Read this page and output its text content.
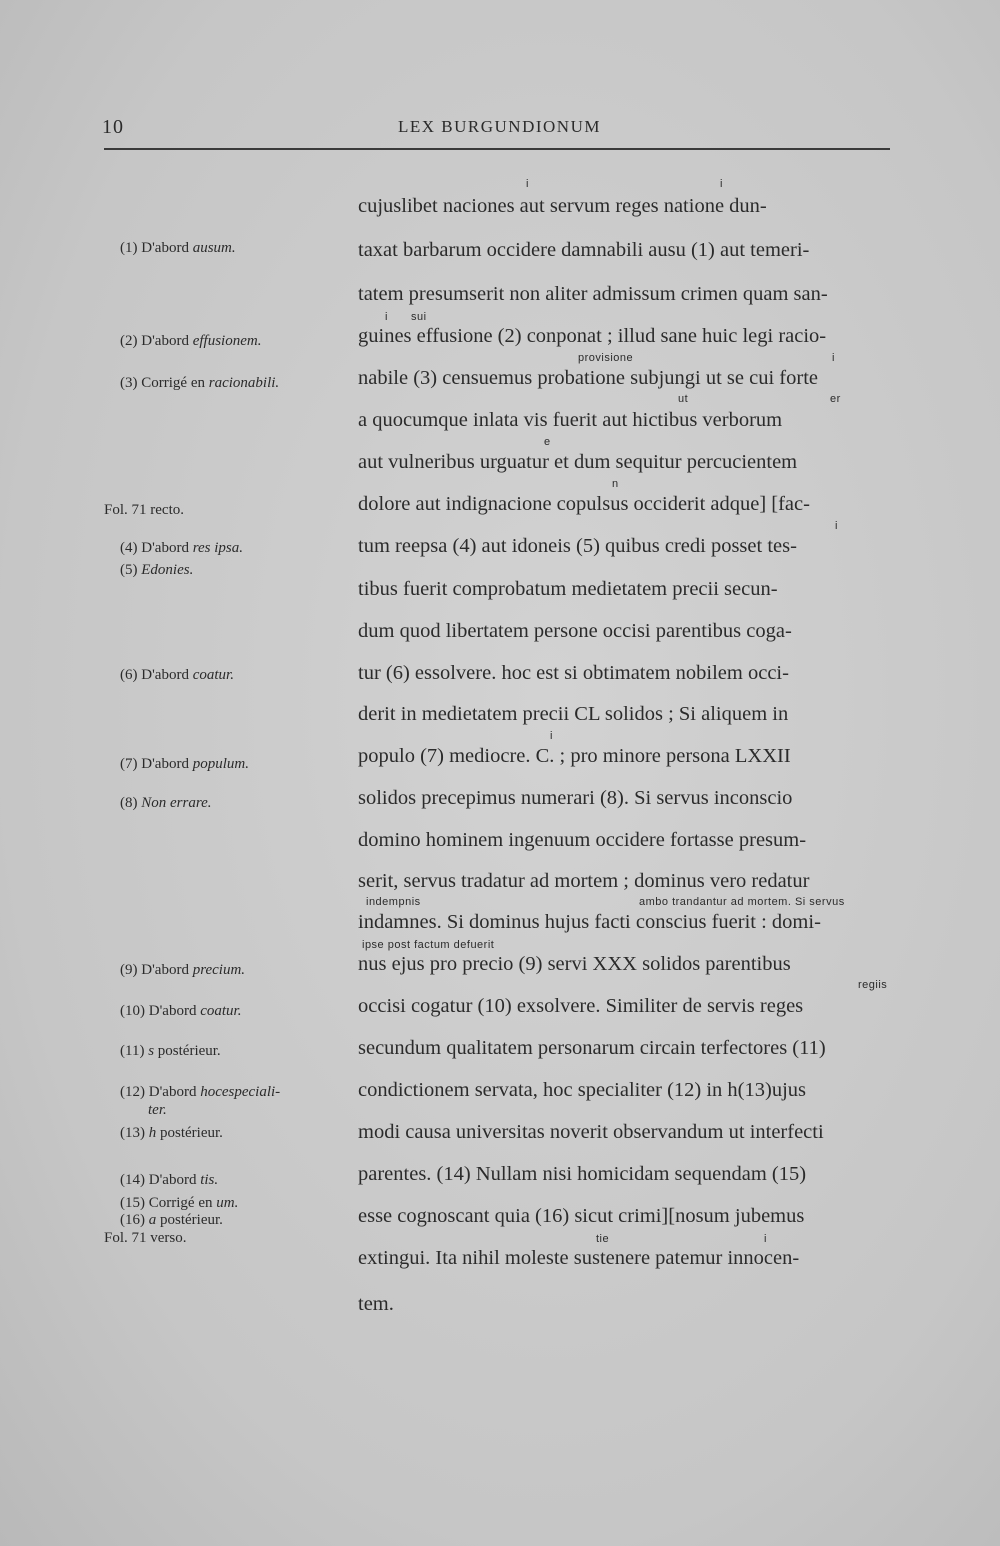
10	LEX BURGUNDIONUM
(1) D'abord ausum.
(2) D'abord effusionem.
(3) Corrigé en racionabili.
Fol. 71 recto.
(4) D'abord res ipsa.
(5) Edonies.
(6) D'abord coatur.
(7) D'abord populum.
(8) Non errare.
(9) D'abord precium.
(10) D'abord coatur.
(11) s postérieur.
(12) D'abord hocespeciali-
ter.
(13) h postérieur.
(14) D'abord tis.
(15) Corrigé en um.
(16) a postérieur.
Fol. 71 verso.
cujuslibet naciones aut servum reges natione dun-
taxat barbarum occidere damnabili ausu (1) aut temeri-
tatem presumserit non aliter admissum crimen quam san-
guines effusione (2) conponat ; illud sane huic legi racio-
nabile (3) censuemus probatione subjungi ut se cui forte
a quocumque inlata vis fuerit aut hictibus verborum
aut vulneribus urguatur et dum sequitur percucientem
dolore aut indignacione copulsus occiderit adque] [fac-
tum reepsa (4) aut idoneis (5) quibus credi posset tes-
tibus fuerit comprobatum medietatem precii secun-
dum quod libertatem persone occisi parentibus coga-
tur (6) essolvere. hoc est si obtimatem nobilem occi-
derit in medietatem precii CL solidos ; Si aliquem in
populo (7) mediocre. C. ; pro minore persona LXXII
solidos precepimus numerari (8). Si servus inconscio
domino hominem ingenuum occidere fortasse presum-
serit, servus tradatur ad mortem ; dominus vero redatur
indamnes. Si dominus hujus facti conscius fuerit : domi-
nus ejus pro precio (9) servi XXX solidos parentibus
occisi cogatur (10) exsolvere. Similiter de servis reges
secundum qualitatem personarum circain terfectores (11)
condictionem servata, hoc specialiter (12) in h(13)ujus
modi causa universitas noverit observandum ut interfecti
parentes. (14) Nullam nisi homicidam sequendam (15)
esse cognoscant quia (16) sicut crimi][nosum jubemus
extingui. Ita nihil moleste sustenere patemur innocen-
tem.
i	i
i sui
provisione	i
ut	er
e
n
i
i
indempnis	ambo trandantur ad mortem. Si servus
ipse post factum defuerit
regiis
tie	i
